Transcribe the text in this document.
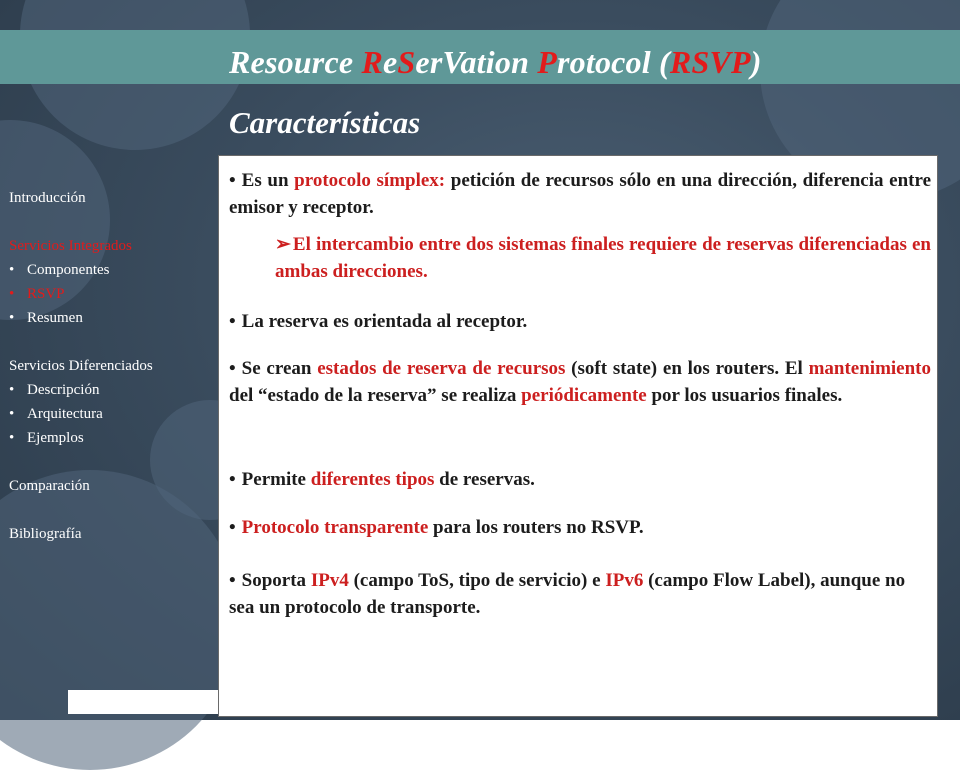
Resource ReSerVation Protocol (RSVP)
Características
Introducción
Servicios Integrados
• Componentes
• RSVP
• Resumen
Servicios Diferenciados
• Descripción
• Arquitectura
• Ejemplos
Comparación
Bibliografía
• Es un protocolo símplex: petición de recursos sólo en una dirección, diferencia entre emisor y receptor.
➢ El intercambio entre dos sistemas finales requiere de reservas diferenciadas en ambas direcciones.
• La reserva es orientada al receptor.
• Se crean estados de reserva de recursos (soft state) en los routers. El mantenimiento del “estado de la reserva” se realiza periódicamente por los usuarios finales.
• Permite diferentes tipos de reservas.
• Protocolo transparente para los routers no RSVP.
• Soporta IPv4 (campo ToS, tipo de servicio) e IPv6 (campo Flow Label), aunque no sea un protocolo de transporte.
